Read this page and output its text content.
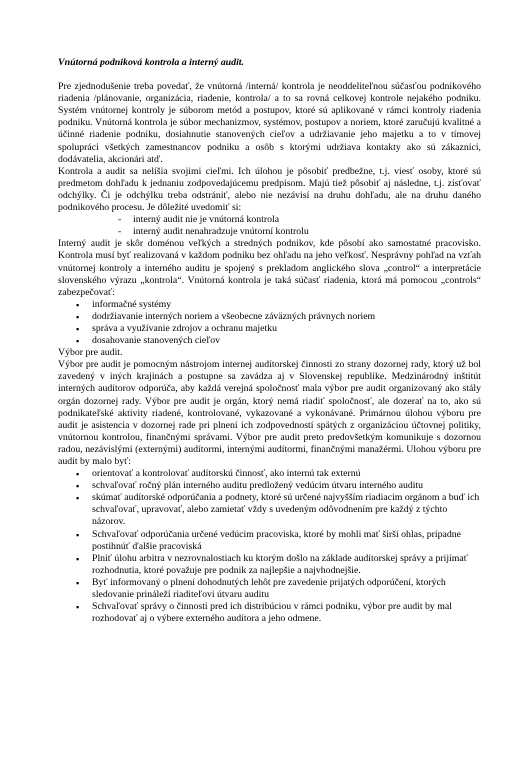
Vnútorná podniková kontrola a interný audit.

Pre zjednodušenie treba povedať, že vnútorná /interná/ kontrola je neoddeliteľnou súčasťou podnikového riadenia /plánovanie, organizácia, riadenie, kontrola/ a to sa rovná celkovej kontrole nejakého podniku. Systém vnútornej kontroly je súborom metód a postupov, ktoré sú aplikované v rámci kontroly riadenia podniku. Vnútorná kontrola je súbor mechanizmov, systémov, postupov a noriem, ktoré zaručujú kvalitné a účinné riadenie podniku, dosiahnutie stanovených cieľov a udržiavanie jeho majetku a to v tímovej spolupráci všetkých zamestnancov podniku a osôb s ktorými udržiava kontakty ako sú zákazníci, dodávatelia, akcionári atď.

Kontrola a audit sa nelíšia svojimi cieľmi. Ich úlohou je pôsobiť predbežne, t.j. viesť osoby, ktoré sú predmetom dohľadu k jednaniu zodpovedajúcemu predpisom. Majú tiež pôsobiť aj následne, t.j. zisťovať odchýlky. Či je odchýlku treba odstrániť, alebo nie nezávisí na druhu dohľadu, ale na druhu daného podnikového procesu. Je dôležité uvedomiť si:

- interný audit nie je vnútorná kontrola
- interný audit nenahradzuje vnútorní kontrolu

Interný audit je skôr doménou veľkých a stredných podnikov, kde pôsobí ako samostatné pracovisko. Kontrola musí byť realizovaná v každom podniku bez ohľadu na jeho veľkosť. Nesprávny pohľad na vzťah vnútornej kontroly a interného auditu je spojený s prekladom anglického slova „control“ a interpretácie slovenského výrazu „kontrola“. Vnútorná kontrola je taká súčasť riadenia, ktorá má pomocou „controls“ zabezpečovať:

▪ informačné systémy
▪ dodržiavanie interných noriem a všeobecne záväzných právnych noriem
▪ správa a využívanie zdrojov a ochranu majetku
▪ dosahovanie stanovených cieľov

Výbor pre audit.

Výbor pre audit je pomocným nástrojom internej audítorskej činnosti zo strany dozornej rady, ktorý už bol zavedený v iných krajinách a postupne sa zavádza aj v Slovenskej republike. Medzinárodný inštitút interných audítorov odporúča, aby každá verejná spoločnosť mala výbor pre audit organizovaný ako stály orgán dozornej rady. Výbor pre audit je orgán, ktorý nemá riadiť spoločnosť, ale dozerať na to, ako sú podnikateľské aktivity riadené, kontrolované, vykazované a vykonávané. Primárnou úlohou výboru pre audit je asistencia v dozornej rade pri plnení ich zodpovedností spätých z organizáciou účtovnej politiky, vnútornou kontrolou, finančnými správami. Výbor pre audit preto predovšetkým komunikuje s dozornou radou, nezávislými (externými) audítormi, internými audítormi, finančnými manažérmi. Ulohou výboru pre audit by malo byť:

▪ orientovať a kontrolovať audítorskú činnosť, ako internú tak externú
▪ schvaľovať ročný plán interného auditu predložený vedúcim útvaru interného auditu
▪ skúmať audítorské odporúčania a podnety, ktoré sú určené najvyšším riadiacim orgánom a buď ich schvaľovať, upravovať, alebo zamietať vždy s uvedeným odôvodnením pre každý z týchto názorov.
▪ Schvaľovať odporúčania určené vedúcim pracoviska, ktoré by mohli mať širší ohlas, prípadne postihnúť ďalšie pracoviská
▪ Plniť úlohu arbitra v nezrovnalostiach ku ktorým došlo na základe audítorskej správy a prijímať rozhodnutia, ktoré považuje pre podnik za najlepšie a najvhodnejšie.
▪ Byť informovaný o plnení dohodnutých lehôt pre zavedenie prijatých odporúčení, ktorých sledovanie prináleží riaditeľovi útvaru auditu
▪ Schvaľovať správy o činnosti pred ich distribúciou v rámci podniku, výbor pre audit by mal rozhodovať aj o výbere externého audítora a jeho odmene.
